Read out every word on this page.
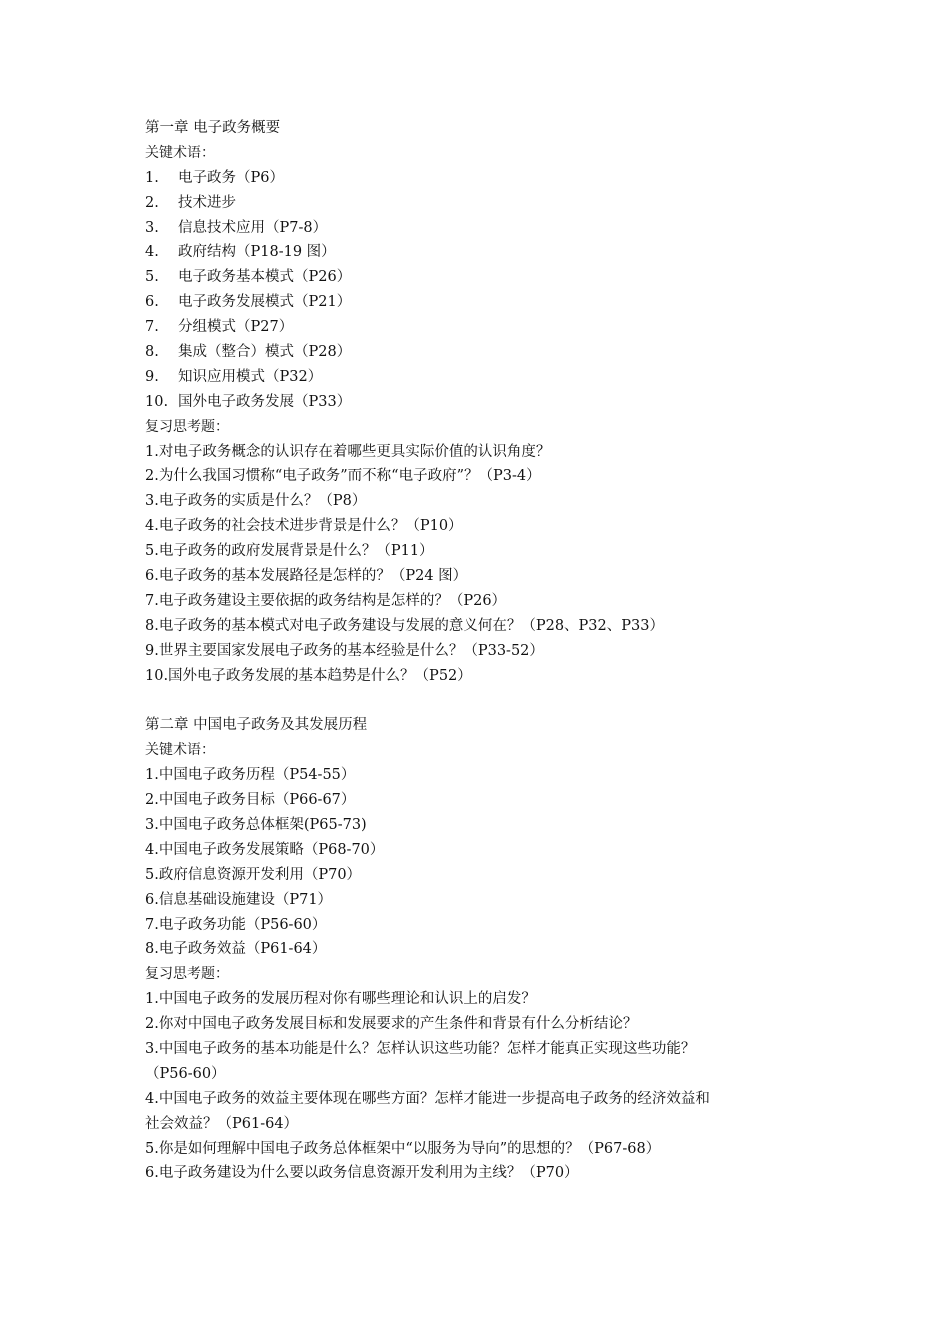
第一章 电子政务概要
关键术语：
1.	电子政务（P6）
2.	技术进步
3.	信息技术应用（P7-8）
4.	政府结构（P18-19 图）
5.	电子政务基本模式（P26）
6.	电子政务发展模式（P21）
7.	分组模式（P27）
8.	集成（整合）模式（P28）
9.	知识应用模式（P32）
10. 国外电子政务发展（P33）
复习思考题：
1.对电子政务概念的认识存在着哪些更具实际价值的认识角度？
2.为什么我国习惯称“电子政务”而不称“电子政府”？（P3-4）
3.电子政务的实质是什么？（P8）
4.电子政务的社会技术进步背景是什么？（P10）
5.电子政务的政府发展背景是什么？（P11）
6.电子政务的基本发展路径是怎样的？（P24 图）
7.电子政务建设主要依据的政务结构是怎样的？（P26）
8.电子政务的基本模式对电子政务建设与发展的意义何在？（P28、P32、P33）
9.世界主要国家发展电子政务的基本经验是什么？（P33-52）
10.国外电子政务发展的基本趋势是什么？（P52）
第二章 中国电子政务及其发展历程
关键术语：
1.中国电子政务历程（P54-55）
2.中国电子政务目标（P66-67）
3.中国电子政务总体框架(P65-73)
4.中国电子政务发展策略（P68-70）
5.政府信息资源开发利用（P70）
6.信息基础设施建设（P71）
7.电子政务功能（P56-60）
8.电子政务效益（P61-64）
复习思考题：
1.中国电子政务的发展历程对你有哪些理论和认识上的启发？
2.你对中国电子政务发展目标和发展要求的产生条件和背景有什么分析结论？
3.中国电子政务的基本功能是什么？怎样认识这些功能？怎样才能真正实现这些功能？
（P56-60）
4.中国电子政务的效益主要体现在哪些方面？怎样才能进一步提高电子政务的经济效益和
社会效益？（P61-64）
5.你是如何理解中国电子政务总体框架中“以服务为导向”的思想的？（P67-68）
6.电子政务建设为什么要以政务信息资源开发利用为主线？（P70）
